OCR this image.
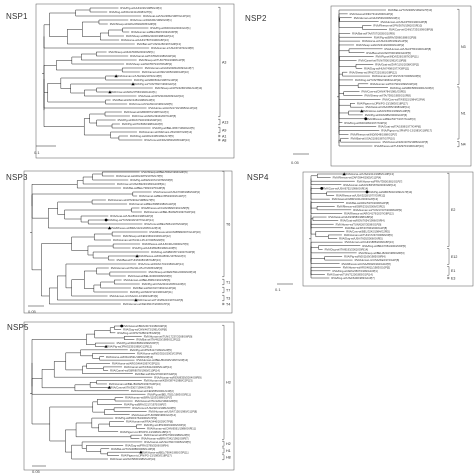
NSP1
RVA/Pig-wt/HUN/226/1985/G3P[4]
RVA/Dog-wt/FRA/1131/2008/G7P[1]
RVA/Goat-wt/USA/3952/1987/G12P[10]
RVA/Cow-xx/FRA/RF/1982/G6P[1]
RVA/Sheep-wt/ARG/2690/2005/G9P[9]
RVA/Pig-wt/IND/344/2004/G1P[1]
RVA/Human-wt/BEL/8915/1994/G5P[5]
RVA/Sheep-wt/BRA/4403/1988/G1P[12]
RVA/Horse-wt/HUN/7807/1996/G5P[13]
RVA/Bat-wt/TUN/4128/1997/G9P[13]
RVA/Human-tc/USA/P/1974/G3P[8]
RVA/Sheep-wt/ZAF/5366/2002/G5P[1]
RVA/Camel-wt/ITA/5520/1986/G9P[11]
RVA/Sheep-wt/TUN/7591/1998/G1P[5]
RVA/Sheep-wt/ZAF/5579/1978/G8P[2]
RVA/Human-wt/HUN/2484/2009/G11P[7]
RVA/Camel-wt/IND/1305/1996/G3P[10]
RVA/Human-tc/USA/Wa/1974/G1P[8]
RVA/Pig-wt/GBR/5042/1987/G10P[2]
RVA/Pig-wt/TUN/7697/1993/G1P[2]
RVA/Sheep-wt/JPN/3268/1991/G4P[14]
RVA/Cow-wt/ARG/3756/1992/G11P[1]
RVA/Goat-wt/JPN/3160/2009/G1P[10]
RVA/Bat-wt/ZAF/4481/1983/G4P[3]
RVA/Cow-tc/USA/WC3/1981/G6P[5]
RVA/Horse-wt/HUN/1719/1995/G11P[13]
RVA/Goat-wt/GBR/6873/1987/G1P[3]
RVA/Cow-wt/ARG/4944/2007/G3P[5]
RVA/Pig-wt/FRA/7932/1994/G9P[10]
RVA/Pig-wt/ITA/836/1998/G11P[8]
RVA/Pig-wt/BEL/4657/1993/G1P[5]
RVA/Human-wt/IND/mani-253/2007/G6P[14]
RVA/Dog-wt/ARG/4395/1991/G7P[5]
RVA/Cow-wt/FRA/3050/2005/G9P[13]
A3
A13
A9
A1
A8
0.1
NSP2
RVA/Bat-wt/TUN/3005/1992/G7P[10]
RVA/Goat-wt/IND/7312/2000/G2P[2]
RVA/Human-wt/HUN/536/2008/G9P[1]
RVA/Human-wt/USA/PTR/1990/G3P[8]
RVA/Rhesus-wt/JPN/3676/1992/G5P[10]
RVA/Cow-wt/CHN/1733/1999/G8P[6]
RVA/Bat-wt/ITA/6707/2005/G10P[9]
RVA/Pig-wt/BRA/3598/1988/G2P[8]
RVA/Horse-wt/USA/4405/1994/G1P[9]
RVA/Sheep-wt/HUN/3129/2000/G10P[2]
RVA/Human-wt/USA/PTR/1990/G3P[8]
RVA/Bat-wt/HUN/2769/1982/G10P[5]
RVA/Pig-wt/IND/6326/1987/G5P[11]
RVA/Camel-wt/TUN/7800/1992/G10P[8]
RVA/Goat-wt/ZAF/1191/2008/G5P[2]
RVA/Dog-wt/HUN/7498/1977/G8P[11]
RVA/Sheep-wt/JPN/2722/1981/G8P[12]
RVA/Human-wt/TUN/17237/2008/G6P[9]
RVA/Dog-wt/TUN/7862/1996/G12P[11]
RVA/Human-wt/ITA/7919/1999/G9P[10]
RVA/Dog-wt/GBR/5893/2001/G6P[2]
RVA/Cow-wt/CHN/4784/1981/G5P[5]
RVA/Sheep-wt/ITA/7591/1983/G10P[8]
RVA/Cow-wt/ITA/8315/1984/G2P[4]
RVA/Pigeon-tc/JPN/PO-13/1983/G18P[17]
RVA/Goat-wt/USA/955/1998/G9P[11]
RVA/Horse-wt/HUN/6513/1999/G10P[5]
RVA/Pig-wt/FRA/986/2000/G10P[6]
RVA/Rhesus-wt/BEL/5377/1977/G12P[3]
RVA/Dog-wt/IND/4684/1977/G9P[1]
RVA/Goat-wt/ITA/1908/1977/G4P[6]
RVA/Pigeon-tc/JPN/PO-13/1983/G18P[17]
RVA/Rhesus-wt/IND/9048/1988/G2P[7]
RVA/Bat-wt/USA/2106/1987/G7P[10]
RVA/Goat-wt/ZAF/2079/1986/G10P[5]
RVA/Rhesus-wt/TUN/2970/1996/G3P[10]
N3
N1
N4
0.05
NSP3
RVA/Sheep-wt/BEL/5002/1994/G9P[6]
RVA/Camel-wt/ARG/4879/1976/G7P[5]
RVA/Pig-wt/KEN/1672/1978/G5P[8]
RVA/Cow-wt/USA/B223/1983/G10P8[11]
RVA/Bat-wt/BEL/7382/1975/G9P[6]
RVA/Camel-wt/USA/7008/1980/G9P[4]
RVA/Camel-wt/BEL/3552/2003/G11P[7]
RVA/Human-wt/JPN/9012/1988/G7P[5]
RVA/Camel-wt/BEL/8388/1980/G11P[3]
RVA/Rhesus-wt/CHN/4682/1991/G5P[5]
RVA/Human-wt/BEL/B10925/1997/G6P[14]
RVA/Goat-wt/USA/891/1998/G4P[3]
RVA/Dog-wt/TUN/9018/1977/G12P[14]
RVA/Cow-wt/BEL/5061/1976/G9P[2]
RVA/Rhesus-wt/BRA/1021/2005/G12P[13]
RVA/Rhesus-wt/HUN/8898/2007/G12P[10]
RVA/Sheep-wt/KEN/4691/1993/G1P[12]
RVA/Human-wt/ITA/111-05-27/2005/G6P[9]
RVA/Rhesus-wt/HUN/401/2009/G7P[9]
RVA/Pig-wt/HUN/8028/1999/G10P[5]
RVA/Dog-wt/GBR/3571/2007/G3P[6]
RVA/Rhesus-wt/FRA/8031/1976/G1P[3]
RVA/Bat-wt/TUN/6408/1987/G8P[13]
RVA/Cow-wt/FRA/1701/1983/G4P[14]
RVA/Human-wt/ITA/111-05-27/2005/G6P[9]
RVA/Sheep-wt/KEN/5911/2009/G6P[10]
RVA/Goat-wt/BEL/4038/2008/G5P[6]
RVA/Human-wt/BEL/8081/1991/G5P[6]
RVA/Pig-wt/USA/3041/2005/G10P[2]
RVA/Bat-wt/ZAF/917/1991/G12P[11]
RVA/Pig-wt/IND/4711/1996/G4P[11]
RVA/Human-tc/USA/AU-1/1982/G3P3[9]
RVA/Camel-wt/TUN/8421/1997/G1P[6]
RVA/Human-wt/KEN/6047/2006/G7P[1]
T6
T1
T7
T3
T4
0.05
NSP4	RVA/Horse-wt/USA/2414/1986/G10P[13]
RVA/Rhesus-wt/ZAF/3944/2005/G11P[4]
RVA/Horse-wt/FRA/7390/1981/G1P[7]
RVA/Human-wt/HUN/BP1879/2003/G6P[14]
RVA/Cow-wt/USA/6752/1996/G6P[14]
RVA/Pig-wt/GBR/5032/1991/G7P[14]
RVA/Rhesus-wt/USA/5228/1977/G9P[12]
RVA/Goat-wt/GBR/1341/2003/G2P[13]
RVA/Bat-wt/ARG/5370/2008/G2P[8]
RVA/Rhesus-wt/GBR/2316/2006/G3P[2]
RVA/Human-wt/TUN/17237/2008/G6P[9]
RVA/Rhesus-wt/ARG/4179/2007/G8P[12]
RVA/Goat-wt/HUN/4958/1988/G8P[2]
RVA/Goat-wt/KEN/7654/1996/G9P[4]
RVA/Horse-wt/TUN/6267/2008/G1P[9]
RVA/Bat-wt/JPN/3796/2000/G1P[8]
RVA/Cow-wt/BEL/3242/1984/G2P[5]
RVA/Human-wt/TUN/17237/2008/G6P[9]
RVA/Dog-wt/USA/7605/2006/G6P[5]
RVA/Human-wt/CHN/1885/2009/G5P[13]
RVA/Dog-wt/BRA/7081/2003/G5P[5]
RVA/Dog-wt/ITA/8193/2002/G9P[14]
RVA/Sheep-wt/BEL/8223/1980/G8P[3]
RVA/Pig-wt/IND/1169/1985/G8P[4]
RVA/Human-tc/USA/Wa/1974/G1P[8]
RVA/Rhesus-wt/USA/8032/1994/G11P[8]
RVA/Horse-wt/ARG/4811/1983/G10P[5]
RVA/Dog-wt/ARG/3507/1999/G10P[1]
RVA/Goat-wt/TUN/7120/1983/G1P[14]
RVA/Dog-wt/USA/649/1983/G11P[7]
E2
E12
E1
E3
0.1
NSP5	RVA/Goat-wt/BRA/3074/1980/G9P[4]
RVA/Dog-wt/CHN/4673/1991/G6P[8]
RVA/Dog-wt/JPN/7188/1978/G6P[9]
RVA/Human-wt/TUN/17237/2008/G6P[9]
RVA/Bat-wt/ITA/4620/1989/G12P[12]
RVA/Pig-wt/FRA/8969/1999/G5P[7]
RVA/Pig-wt/JPN/5235/1985/G12P[12]
RVA/Pig-wt/JPN/5417/1994/G2P[5]
RVA/Horse-wt/IND/3516/2003/G3P[4]
RVA/Horse-wt/FRA/2531/1989/G6P[13]
RVA/Human-wt/BEL/B10925/1997/G6P[14]
RVA/Horse-wt/ARG/5464/1997/G3P[10]
RVA/Camel-wt/ITA/6312/2005/G12P[14]
RVA/Camel-wt/GBR/8078/1990/G10P[14]
RVA/Bat-wt/FRA/4760/1997/G4P[1]
RVA/Human-wt/KEN/8359/2004/G8P[9]
RVA/Human-wt/KEN/3874/1988/G2P[13]
RVA/Human-wt/BEL/B10925/1997/G6P[14]
RVA/Cow-wt/ITA/3307/1994/G3P[4]
RVA/Goat-wt/KEN/655/2001/G3P[2]
RVA/Pig-wt/BEL/7921/1983/G5P[11]
RVA/Human-wt/BRA/1103/1989/G1P[7]
RVA/Goat-wt/ITA/1202/1994/G8P[9]
RVA/Pig-wt/BRA/2217/1975/G6P[7]
RVA/Cow-tc/USA/WC3/1981/G6P[5]
RVA/Human-wt/USA/7150/1980/G11P[8]
RVA/Goat-wt/TUN/998/1984/G1P[14]
RVA/Pig-wt/IND/4764/2000/G7P[3]
RVA/Human-wt/FRA/3446/2003/G7P[8]
RVA/Pig-wt/JPN/9045/2006/G5P[4]
RVA/Human-wt/CHN/6561/1986/G6P[11]
RVA/Pigeon-tc/JPN/PO-13/1983/G18P[17]
RVA/Camel-wt/JPN/7993/1989/G2P[6]
RVA/Human-wt/BRA/7342/1991/G8P[7]
RVA/Camel-wt/USA/7607/2005/G5P[5]
RVA/Dog-wt/FRA/2789/2006/G8P[4]
RVA/Bat-wt/TUN/4888/2008/G10P[9]
RVA/Horse-wt/BEL/7904/1985/G3P[11]
RVA/Pigeon-tc/JPN/PO-13/1983/G18P[17]
RVA/Goat-wt/ZAF/5836/1986/G2P[14]
H3
H2
H1
H8
0.05
